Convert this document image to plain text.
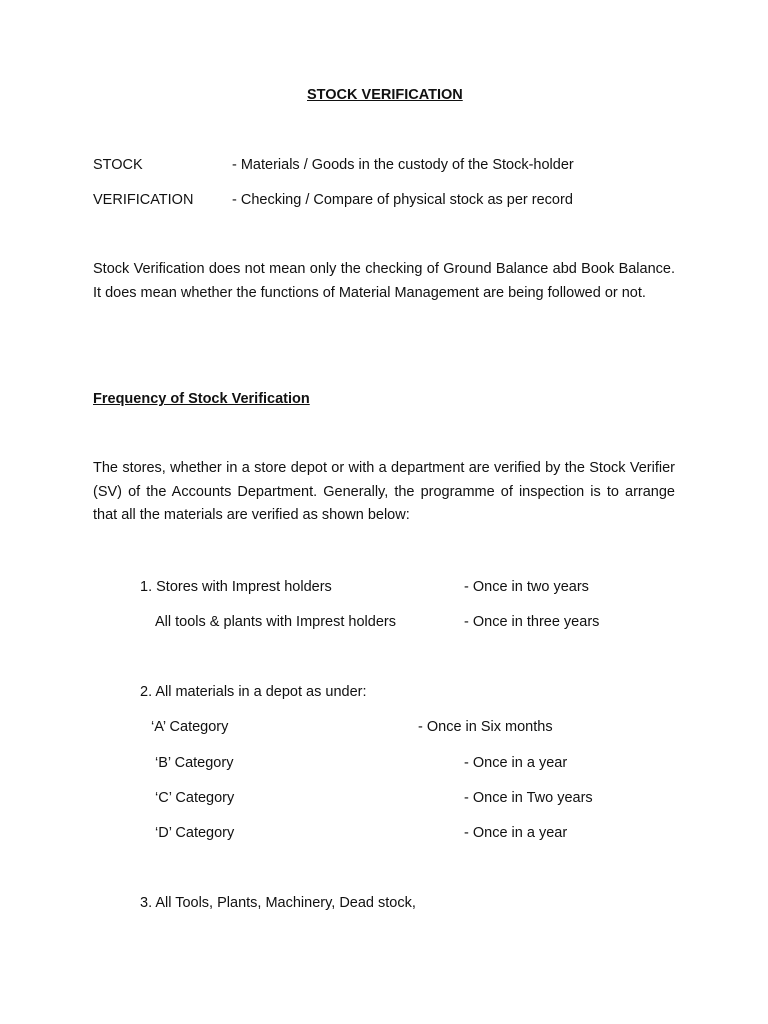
STOCK VERIFICATION
STOCK	- Materials / Goods in the custody of the Stock-holder
VERIFICATION	- Checking / Compare of physical stock as per record
Stock Verification does not mean only the checking of Ground Balance abd Book Balance. It does mean whether the functions of Material Management are being followed or not.
Frequency of Stock Verification
The stores, whether in a store depot or with a department are verified by the Stock Verifier (SV) of the Accounts Department. Generally, the programme of inspection is to arrange that all the materials are verified as shown below:
1. Stores with Imprest holders	- Once in two years
All tools & plants with Imprest holders	- Once in three years
2. All materials in a depot as under:
‘A’ Category	- Once in Six months
‘B’ Category	- Once in a year
‘C’ Category	- Once in Two years
‘D’ Category	- Once in a year
3. All Tools, Plants, Machinery, Dead stock,
